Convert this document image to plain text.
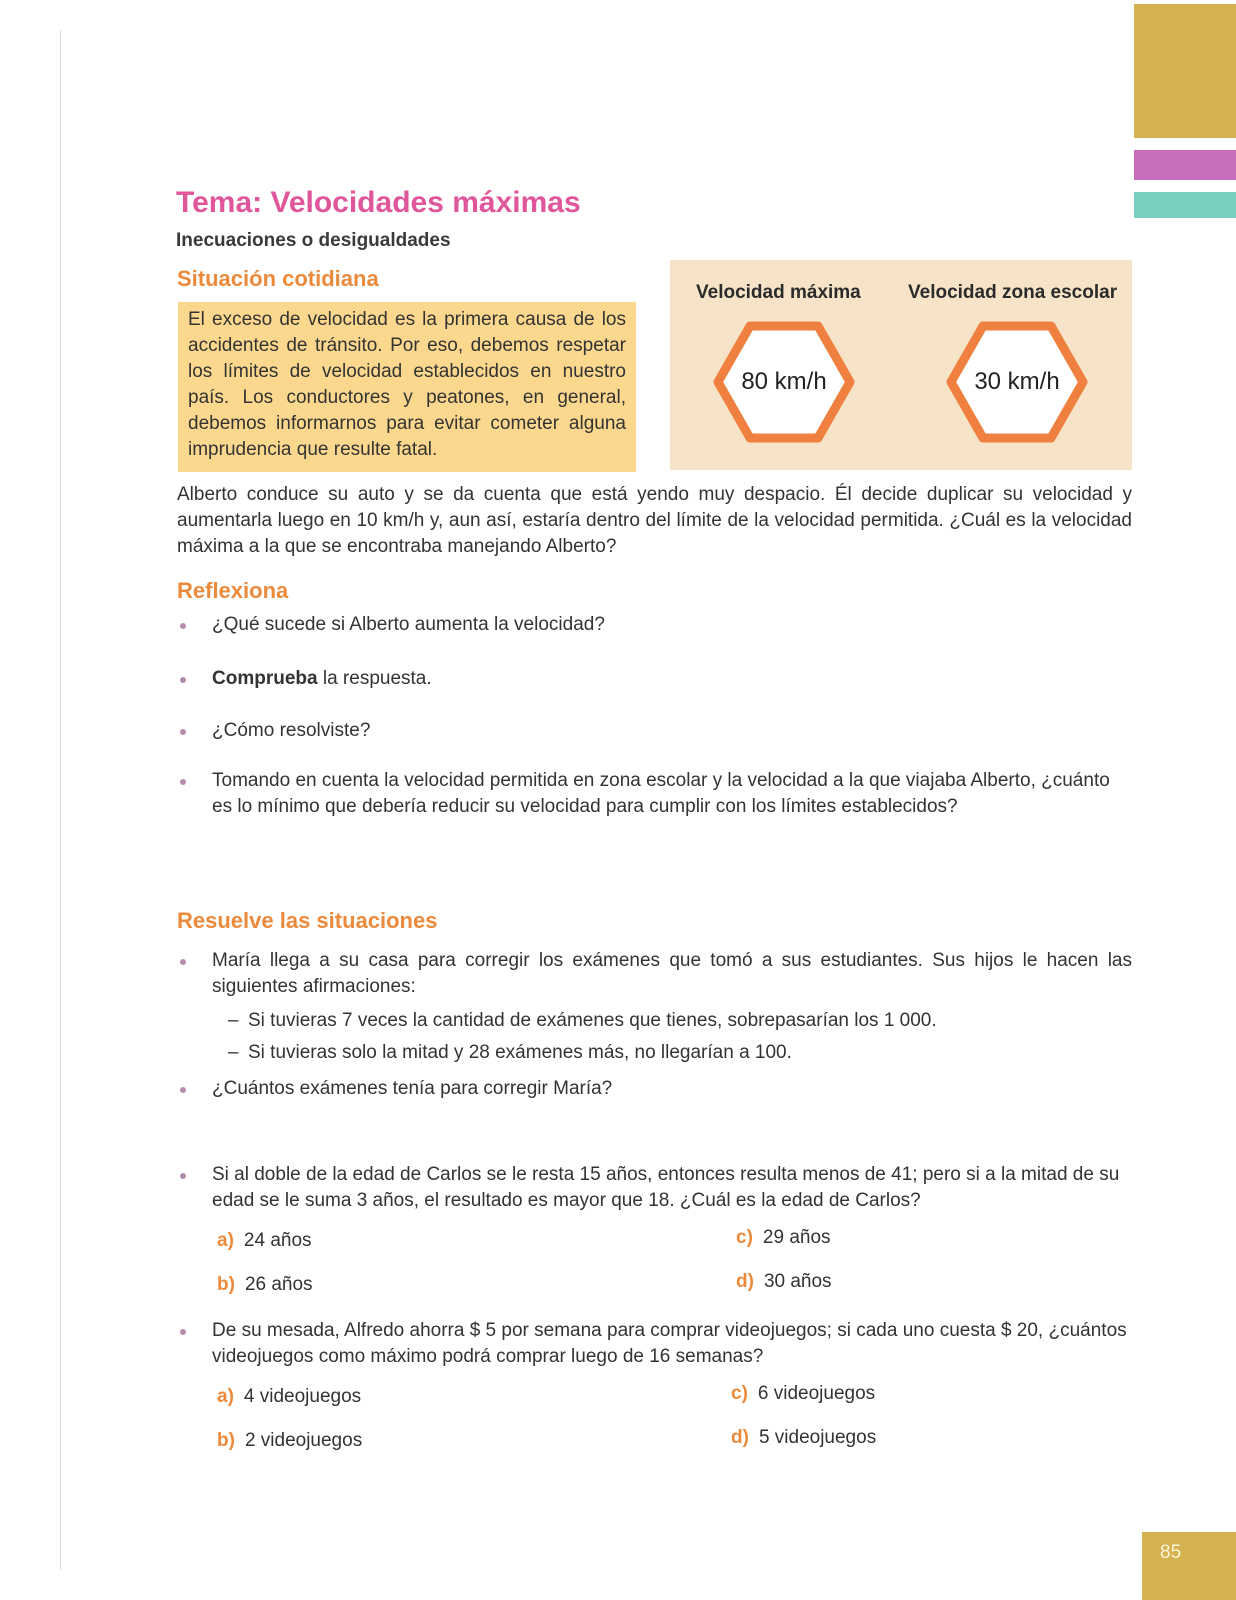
Tema: Velocidades máximas
Inecuaciones o desigualdades
Situación cotidiana

El exceso de velocidad es la primera causa de los accidentes de tránsito. Por eso, debemos respetar los límites de velocidad establecidos en nuestro país. Los conductores y peatones, en general, debemos informarnos para evitar cometer alguna imprudencia que resulte fatal.

Velocidad máxima Velocidad zona escolar
80 km/h	30 km/h

Alberto conduce su auto y se da cuenta que está yendo muy despacio. Él decide duplicar su velocidad y aumentarla luego en 10 km/h y, aun así, estaría dentro del límite de la velocidad permitida. ¿Cuál es la velocidad máxima a la que se encontraba manejando Alberto?

Reflexiona
¿Qué sucede si Alberto aumenta la velocidad?
Comprueba la respuesta.
¿Cómo resolviste?
Tomando en cuenta la velocidad permitida en zona escolar y la velocidad a la que viajaba Alberto, ¿cuánto es lo mínimo que debería reducir su velocidad para cumplir con los límites establecidos?
Resuelve las situaciones
María llega a su casa para corregir los exámenes que tomó a sus estudiantes. Sus hijos le hacen las siguientes afirmaciones:
– Si tuvieras 7 veces la cantidad de exámenes que tienes, sobrepasarían los 1 000.
– Si tuvieras solo la mitad y 28 exámenes más, no llegarían a 100.
¿Cuántos exámenes tenía para corregir María?
Si al doble de la edad de Carlos se le resta 15 años, entonces resulta menos de 41; pero si a la mitad de su edad se le suma 3 años, el resultado es mayor que 18. ¿Cuál es la edad de Carlos?
a) 24 años
b) 26 años
c) 29 años
d) 30 años
De su mesada, Alfredo ahorra $ 5 por semana para comprar videojuegos; si cada uno cuesta $ 20, ¿cuántos videojuegos como máximo podrá comprar luego de 16 semanas?
a) 4 videojuegos
b) 2 videojuegos
c) 6 videojuegos
d) 5 videojuegos
85
